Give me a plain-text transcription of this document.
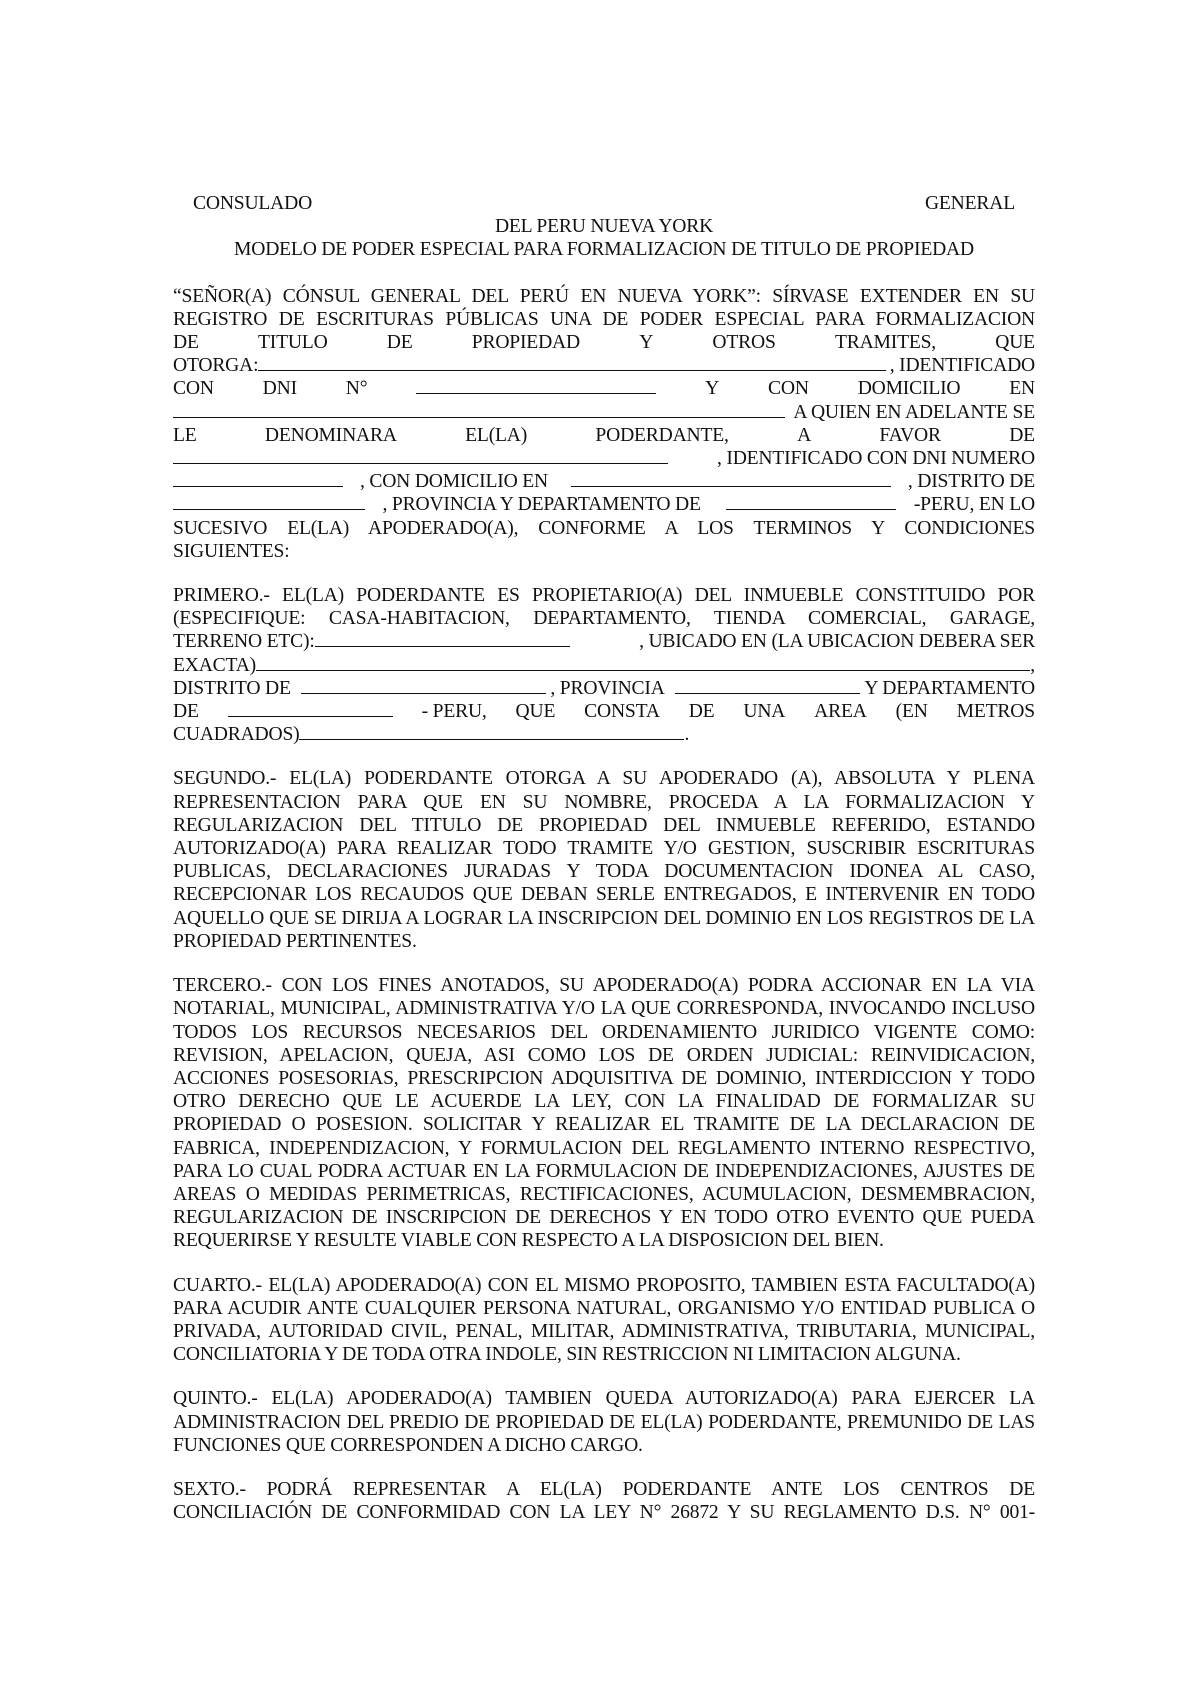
CONSULADO	GENERAL
DEL PERU NUEVA YORK
MODELO DE PODER ESPECIAL PARA FORMALIZACION DE TITULO DE PROPIEDAD

“SEÑOR(A) CÓNSUL GENERAL DEL PERÚ EN NUEVA YORK”: SÍRVASE EXTENDER EN SU

REGISTRO DE ESCRITURAS PÚBLICAS UNA DE PODER ESPECIAL PARA FORMALIZACION

DE	TITULO	DE	PROPIEDAD	Y	OTROS	TRAMITES,	QUE
OTORGA:	, IDENTIFICADO
CON DNI N°	Y CON DOMICILIO EN
A QUIEN EN ADELANTE SE
LE	DENOMINARA	EL(LA)	PODERDANTE,	A	FAVOR	DE
, IDENTIFICADO CON DNI NUMERO
, CON DOMICILIO EN	, DISTRITO DE
, PROVINCIA Y DEPARTAMENTO DE	-PERU, EN LO

SUCESIVO EL(LA) APODERADO(A), CONFORME A LOS TERMINOS Y CONDICIONES

SIGUIENTES:

PRIMERO.- EL(LA) PODERDANTE ES PROPIETARIO(A) DEL INMUEBLE CONSTITUIDO POR

(ESPECIFIQUE: CASA-HABITACION, DEPARTAMENTO, TIENDA COMERCIAL, GARAGE,

TERRENO ETC):	, UBICADO EN (LA UBICACION DEBERA SER
EXACTA)	,
DISTRITO DE	, PROVINCIA	Y DEPARTAMENTO
DE	- PERU, QUE CONSTA DE UNA AREA (EN METROS
CUADRADOS)	.

SEGUNDO.- EL(LA) PODERDANTE OTORGA A SU APODERADO (A), ABSOLUTA Y PLENA REPRESENTACION PARA QUE EN SU NOMBRE, PROCEDA A LA FORMALIZACION Y REGULARIZACION DEL TITULO DE PROPIEDAD DEL INMUEBLE REFERIDO, ESTANDO AUTORIZADO(A) PARA REALIZAR TODO TRAMITE Y/O GESTION, SUSCRIBIR ESCRITURAS PUBLICAS, DECLARACIONES JURADAS Y TODA DOCUMENTACION IDONEA AL CASO, RECEPCIONAR LOS RECAUDOS QUE DEBAN SERLE ENTREGADOS, E INTERVENIR EN TODO AQUELLO QUE SE DIRIJA A LOGRAR LA INSCRIPCION DEL DOMINIO EN LOS REGISTROS DE LA PROPIEDAD PERTINENTES.

TERCERO.- CON LOS FINES ANOTADOS, SU APODERADO(A) PODRA ACCIONAR EN LA VIA NOTARIAL, MUNICIPAL, ADMINISTRATIVA Y/O LA QUE CORRESPONDA, INVOCANDO INCLUSO TODOS LOS RECURSOS NECESARIOS DEL ORDENAMIENTO JURIDICO VIGENTE COMO: REVISION, APELACION, QUEJA, ASI COMO LOS DE ORDEN JUDICIAL: REINVIDICACION, ACCIONES POSESORIAS, PRESCRIPCION ADQUISITIVA DE DOMINIO, INTERDICCION Y TODO OTRO DERECHO QUE LE ACUERDE LA LEY, CON LA FINALIDAD DE FORMALIZAR SU PROPIEDAD O POSESION. SOLICITAR Y REALIZAR EL TRAMITE DE LA DECLARACION DE FABRICA, INDEPENDIZACION, Y FORMULACION DEL REGLAMENTO INTERNO RESPECTIVO, PARA LO CUAL PODRA ACTUAR EN LA FORMULACION DE INDEPENDIZACIONES, AJUSTES DE AREAS O MEDIDAS PERIMETRICAS, RECTIFICACIONES, ACUMULACION, DESMEMBRACION, REGULARIZACION DE INSCRIPCION DE DERECHOS Y EN TODO OTRO EVENTO QUE PUEDA REQUERIRSE Y RESULTE VIABLE CON RESPECTO A LA DISPOSICION DEL BIEN.

CUARTO.- EL(LA) APODERADO(A) CON EL MISMO PROPOSITO, TAMBIEN ESTA FACULTADO(A) PARA ACUDIR ANTE CUALQUIER PERSONA NATURAL, ORGANISMO Y/O ENTIDAD PUBLICA O PRIVADA, AUTORIDAD CIVIL, PENAL, MILITAR, ADMINISTRATIVA, TRIBUTARIA, MUNICIPAL, CONCILIATORIA Y DE TODA OTRA INDOLE, SIN RESTRICCION NI LIMITACION ALGUNA.

QUINTO.- EL(LA) APODERADO(A) TAMBIEN QUEDA AUTORIZADO(A) PARA EJERCER LA ADMINISTRACION DEL PREDIO DE PROPIEDAD DE EL(LA) PODERDANTE, PREMUNIDO DE LAS FUNCIONES QUE CORRESPONDEN A DICHO CARGO.

SEXTO.- PODRÁ REPRESENTAR A EL(LA) PODERDANTE ANTE LOS CENTROS DE

CONCILIACIÓN DE CONFORMIDAD CON LA LEY N° 26872 Y SU REGLAMENTO D.S. N° 001-
